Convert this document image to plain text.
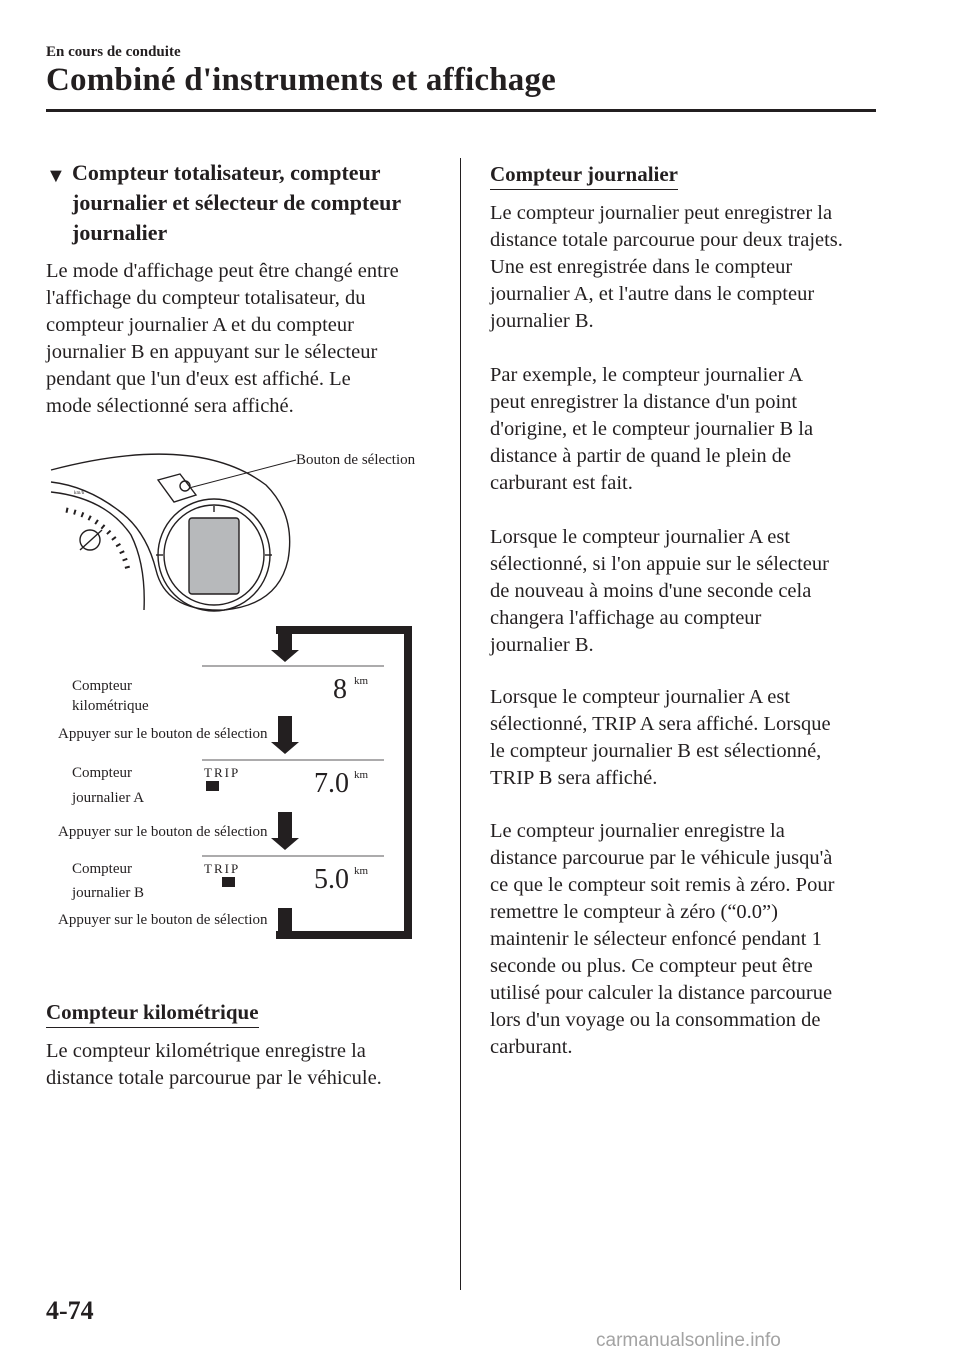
En cours de conduite
Combiné d'instruments et affichage
▼ Compteur totalisateur, compteur journalier et sélecteur de compteur journalier
Le mode d'affichage peut être changé entre
l'affichage du compteur totalisateur, du
compteur journalier A et du compteur
journalier B en appuyant sur le sélecteur
pendant que l'un d'eux est affiché. Le
mode sélectionné sera affiché.
km/h
Bouton de sélection
Compteur
kilométrique
8 km
Appuyer sur le bouton de sélection
Compteur
journalier A
TRIP
A	7.0 km
Appuyer sur le bouton de sélection
Compteur
journalier B
TRIP
B	5.0 km
Appuyer sur le bouton de sélection
Compteur kilométrique
Le compteur kilométrique enregistre la
distance totale parcourue par le véhicule.
Compteur journalier
Le compteur journalier peut enregistrer la
distance totale parcourue pour deux trajets.
Une est enregistrée dans le compteur
journalier A, et l'autre dans le compteur
journalier B.
Par exemple, le compteur journalier A
peut enregistrer la distance d'un point
d'origine, et le compteur journalier B la
distance à partir de quand le plein de
carburant est fait.
Lorsque le compteur journalier A est
sélectionné, si l'on appuie sur le sélecteur
de nouveau à moins d'une seconde cela
changera l'affichage au compteur
journalier B.
Lorsque le compteur journalier A est
sélectionné, TRIP A sera affiché. Lorsque
le compteur journalier B est sélectionné,
TRIP B sera affiché.
Le compteur journalier enregistre la
distance parcourue par le véhicule jusqu'à
ce que le compteur soit remis à zéro. Pour
remettre le compteur à zéro (“0.0”)
maintenir le sélecteur enfoncé pendant 1
seconde ou plus. Ce compteur peut être
utilisé pour calculer la distance parcourue
lors d'un voyage ou la consommation de
carburant.
4-74
carmanualsonline.info
